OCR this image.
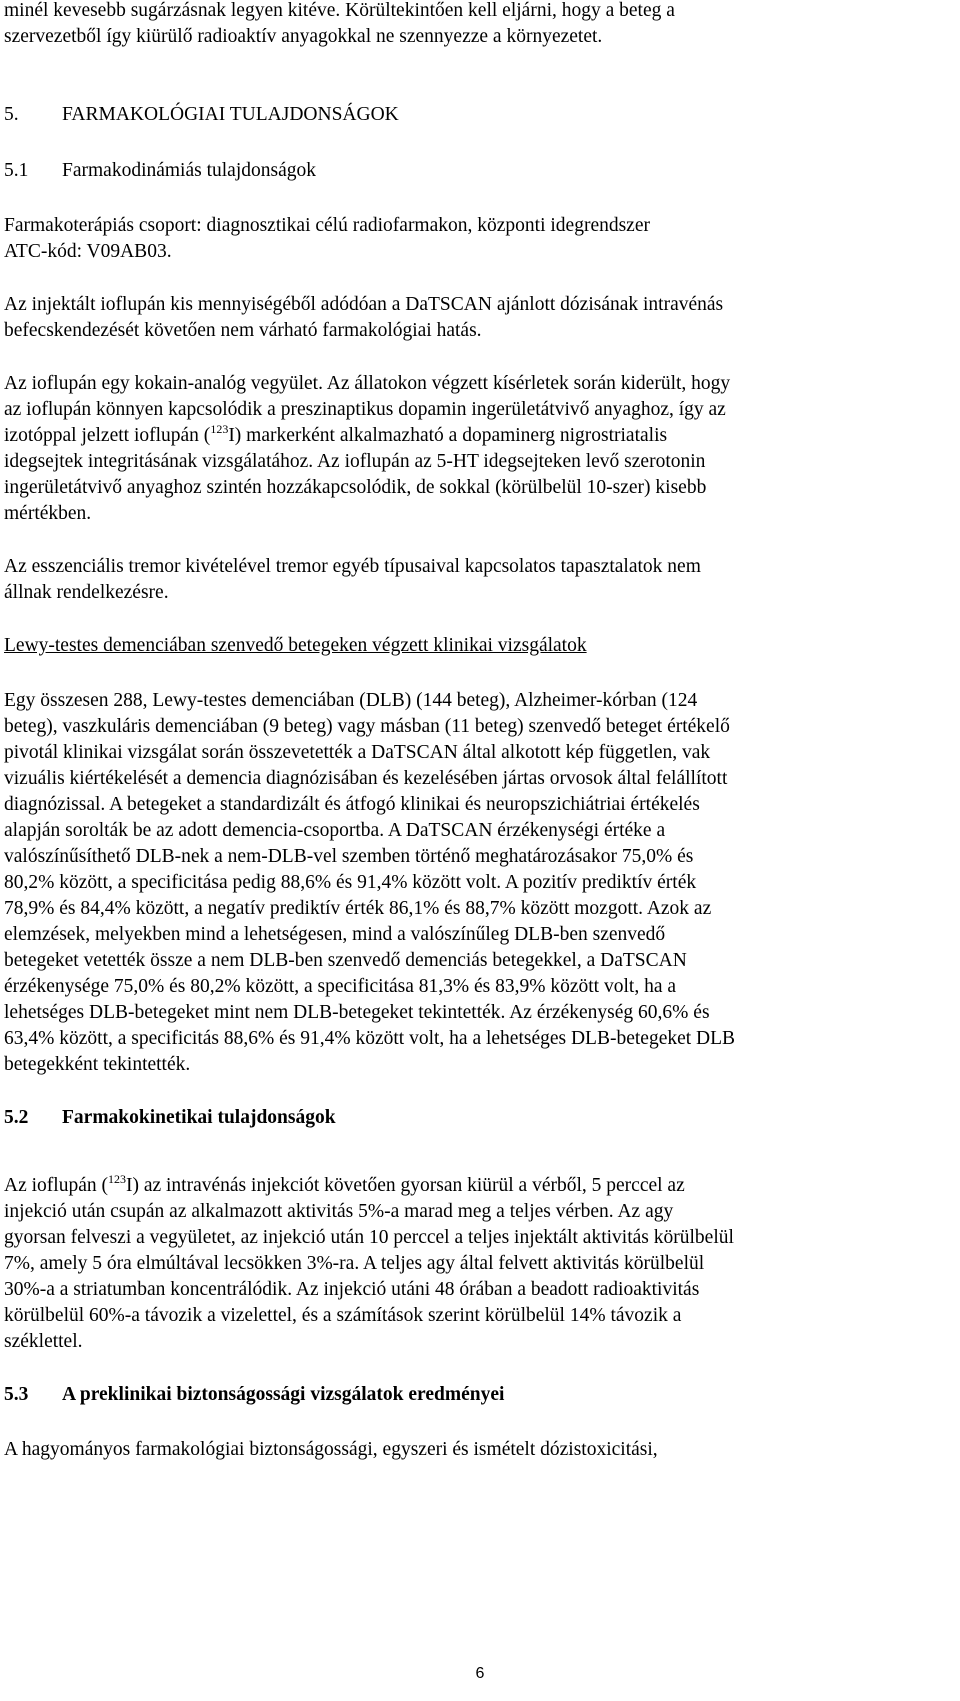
minél kevesebb sugárzásnak legyen kitéve. Körültekintően kell eljárni, hogy a beteg a
szervezetből így kiürülő radioaktív anyagokkal ne szennyezze a környezetet.
5. FARMAKOLÓGIAI TULAJDONSÁGOK
5.1 Farmakodinámiás tulajdonságok
Farmakoterápiás csoport: diagnosztikai célú radiofarmakon, központi idegrendszer
ATC-kód: V09AB03.
Az injektált ioflupán kis mennyiségéből adódóan a DaTSCAN ajánlott dózisának intravénás
befecskendezését követően nem várható farmakológiai hatás.
Az ioflupán egy kokain-analóg vegyület. Az állatokon végzett kísérletek során kiderült, hogy
az ioflupán könnyen kapcsolódik a preszinaptikus dopamin ingerületátvivő anyaghoz, így az
izotóppal jelzett ioflupán ($^{123}$I) markerként alkalmazható a dopaminerg nigrostriatalis
idegsejtek integritásának vizsgálatához. Az ioflupán az 5-HT idegsejteken levő szerotonin
ingerületátvivő anyaghoz szintén hozzákapcsolódik, de sokkal (körülbelül 10-szer) kisebb
mértékben.
Az esszenciális tremor kivételével tremor egyéb típusaival kapcsolatos tapasztalatok nem
állnak rendelkezésre.
Lewy-testes demenciában szenvedő betegeken végzett klinikai vizsgálatok
Egy összesen 288, Lewy-testes demenciában (DLB) (144 beteg), Alzheimer-kórban (124
beteg), vaszkuláris demenciában (9 beteg) vagy másban (11 beteg) szenvedő beteget értékelő
pivotál klinikai vizsgálat során összevetették a DaTSCAN által alkotott kép független, vak
vizuális kiértékelését a demencia diagnózisában és kezelésében jártas orvosok által felállított
diagnózissal. A betegeket a standardizált és átfogó klinikai és neuropszichiátriai értékelés
alapján sorolták be az adott demencia-csoportba. A DaTSCAN érzékenységi értéke a
valószínűsíthető DLB-nek a nem-DLB-vel szemben történő meghatározásakor 75,0% és
80,2% között, a specificitása pedig 88,6% és 91,4% között volt. A pozitív prediktív érték
78,9% és 84,4% között, a negatív prediktív érték 86,1% és 88,7% között mozgott. Azok az
elemzések, melyekben mind a lehetségesen, mind a valószínűleg DLB-ben szenvedő
betegeket vetették össze a nem DLB-ben szenvedő demenciás betegekkel, a DaTSCAN
érzékenysége 75,0% és 80,2% között, a specificitása 81,3% és 83,9% között volt, ha a
lehetséges DLB-betegeket mint nem DLB-betegeket tekintették. Az érzékenység 60,6% és
63,4% között, a specificitás 88,6% és 91,4% között volt, ha a lehetséges DLB-betegeket DLB
betegekként tekintették.
5.2 Farmakokinetikai tulajdonságok
Az ioflupán ($^{123}$I) az intravénás injekciót követően gyorsan kiürül a vérből, 5 perccel az
injekció után csupán az alkalmazott aktivitás 5%-a marad meg a teljes vérben. Az agy
gyorsan felveszi a vegyületet, az injekció után 10 perccel a teljes injektált aktivitás körülbelül
7%, amely 5 óra elmúltával lecsökken 3%-ra. A teljes agy által felvett aktivitás körülbelül
30%-a a striatumban koncentrálódik. Az injekció utáni 48 órában a beadott radioaktivitás
körülbelül 60%-a távozik a vizelettel, és a számítások szerint körülbelül 14% távozik a
széklettel.
5.3 A preklinikai biztonságossági vizsgálatok eredményei
A hagyományos farmakológiai biztonságossági, egyszeri és ismételt dózistoxicitási,
6
